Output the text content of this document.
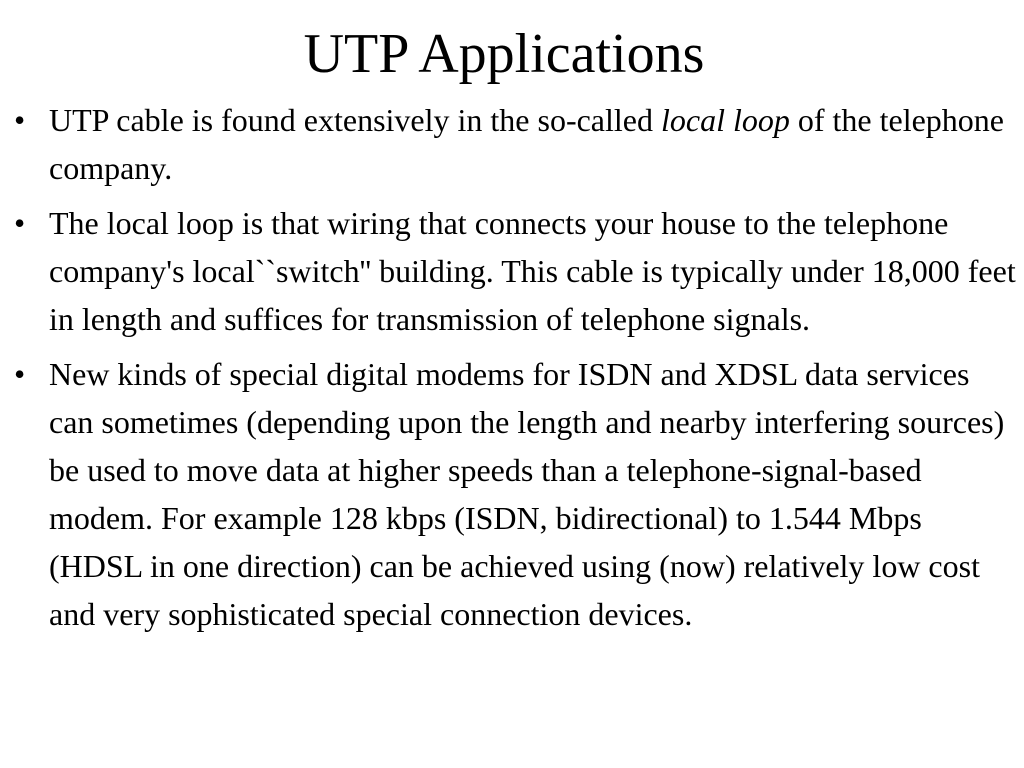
UTP Applications
• UTP cable is found extensively in the so-called local loop of the telephone company.
• The local loop is that wiring that connects your house to the telephone company's local``switch'' building. This cable is typically under 18,000 feet in length and suffices for transmission of telephone signals.
• New kinds of special digital modems for ISDN and XDSL data services can sometimes (depending upon the length and nearby interfering sources) be used to move data at higher speeds than a telephone-signal-based modem. For example 128 kbps (ISDN, bidirectional) to 1.544 Mbps (HDSL in one direction) can be achieved using (now) relatively low cost and very sophisticated special connection devices.
